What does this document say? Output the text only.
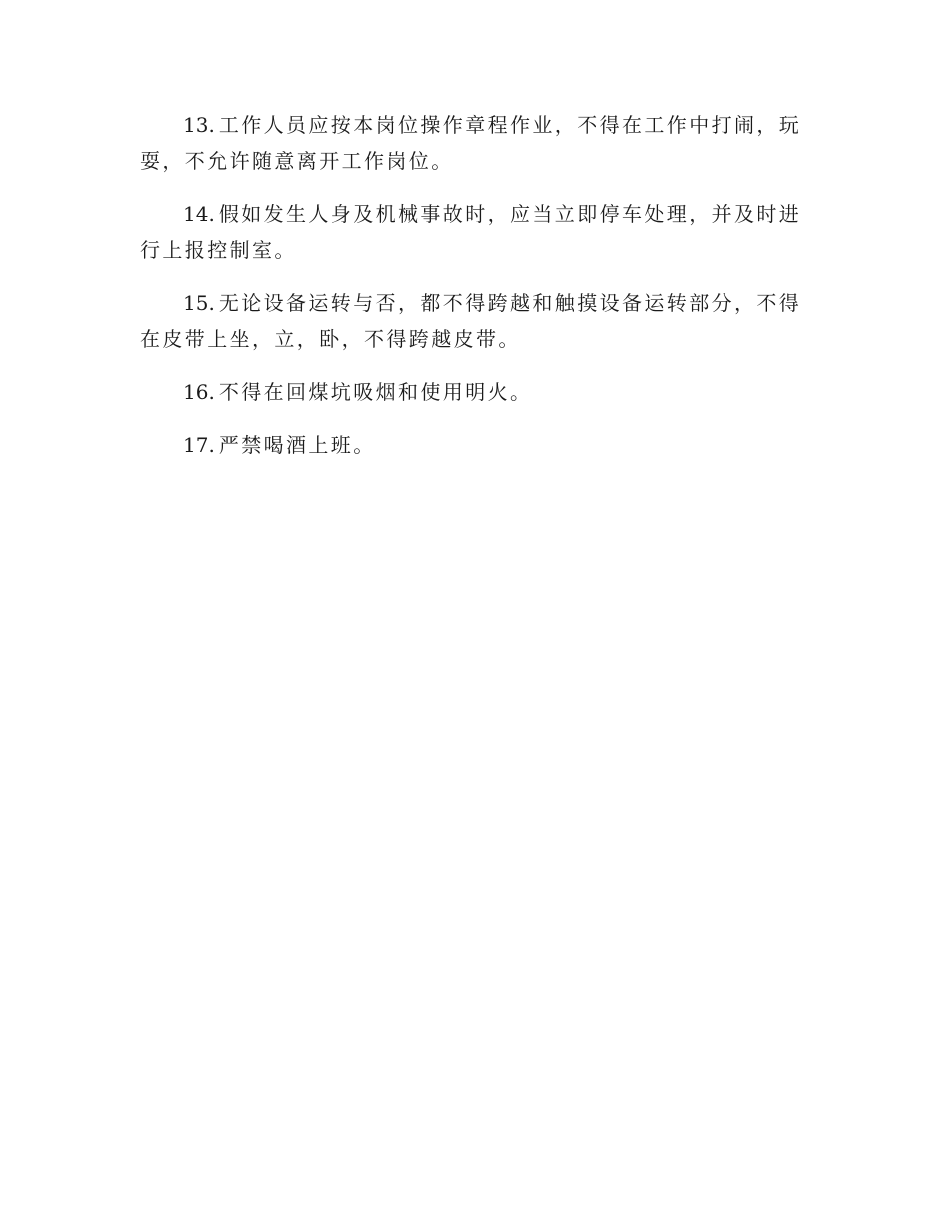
13. 工作人员应按本岗位操作章程作业，不得在工作中打闹，玩耍，不允许随意离开工作岗位。

14. 假如发生人身及机械事故时，应当立即停车处理，并及时进行上报控制室。

15. 无论设备运转与否，都不得跨越和触摸设备运转部分，不得在皮带上坐，立，卧，不得跨越皮带。

16. 不得在回煤坑吸烟和使用明火。

17. 严禁喝酒上班。
